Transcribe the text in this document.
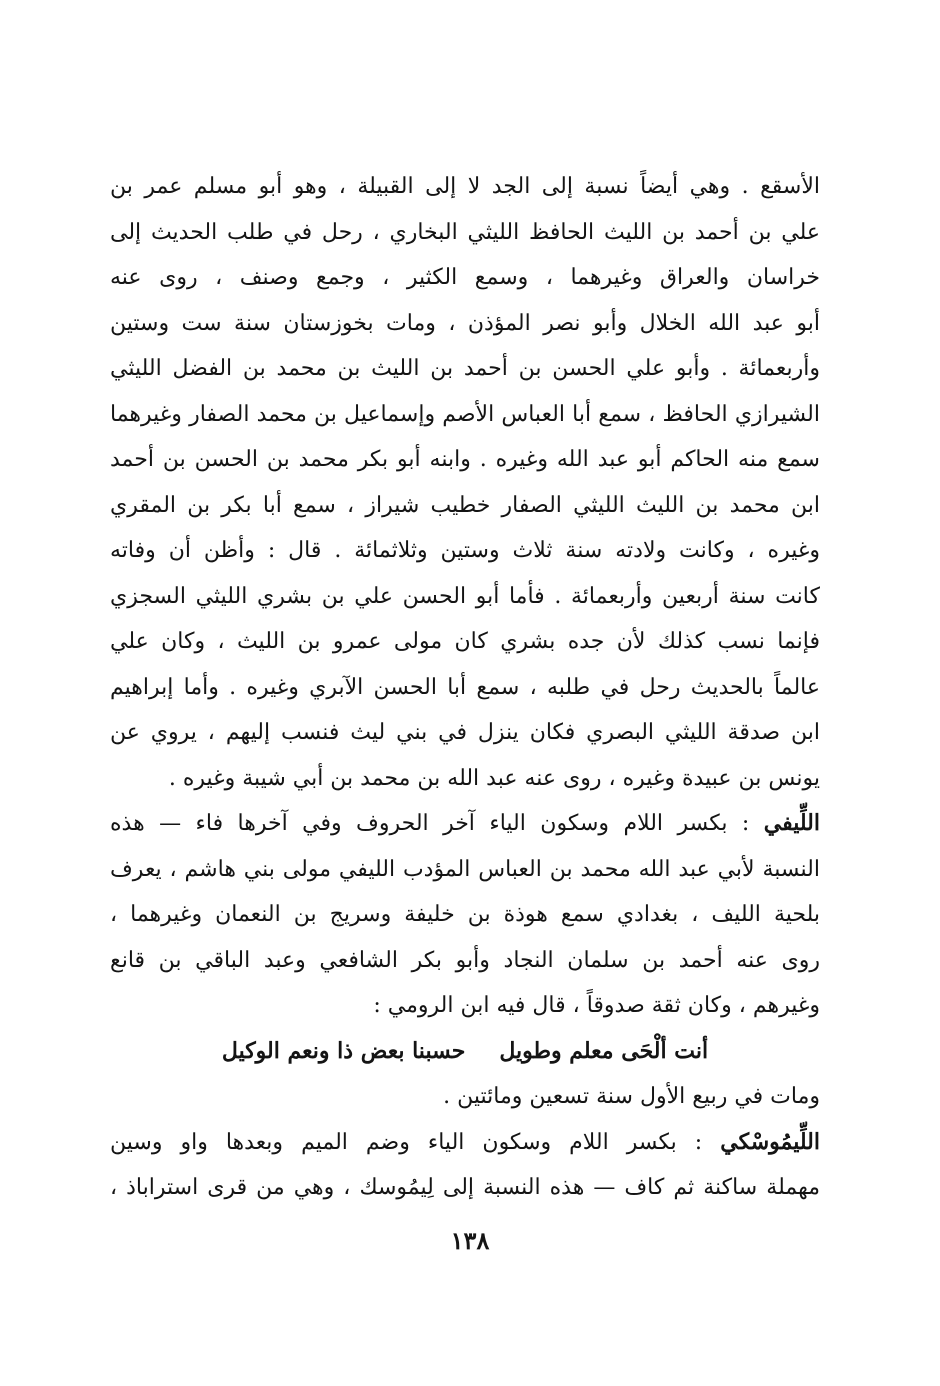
الأسقع . وهي أيضاً نسبة إلى الجد لا إلى القبيلة ، وهو أبو مسلم عمر بن
علي بن أحمد بن الليث الحافظ الليثي البخاري ، رحل في طلب الحديث إلى
خراسان والعراق وغيرهما ، وسمع الكثير ، وجمع وصنف ، روى عنه
أبو عبد الله الخلال وأبو نصر المؤذن ، ومات بخوزستان سنة ست وستين
وأربعمائة . وأبو علي الحسن بن أحمد بن الليث بن محمد بن الفضل الليثي
الشيرازي الحافظ ، سمع أبا العباس الأصم وإسماعيل بن محمد الصفار وغيرهما
سمع منه الحاكم أبو عبد الله وغيره . وابنه أبو بكر محمد بن الحسن بن أحمد
ابن محمد بن الليث الليثي الصفار خطيب شيراز ، سمع أبا بكر بن المقري
وغيره ، وكانت ولادته سنة ثلاث وستين وثلاثمائة . قال : وأظن أن وفاته
كانت سنة أربعين وأربعمائة . فأما أبو الحسن علي بن بشري الليثي السجزي
فإنما نسب كذلك لأن جده بشري كان مولى عمرو بن الليث ، وكان علي
عالماً بالحديث رحل في طلبه ، سمع أبا الحسن الآبري وغيره . وأما إبراهيم
ابن صدقة الليثي البصري فكان ينزل في بني ليث فنسب إليهم ، يروي عن
يونس بن عبيدة وغيره ، روى عنه عبد الله بن محمد بن أبي شيبة وغيره .
اللِّيفي : بكسر اللام وسكون الياء آخر الحروف وفي آخرها فاء — هذه
النسبة لأبي عبد الله محمد بن العباس المؤدب الليفي مولى بني هاشم ، يعرف
بلحية الليف ، بغدادي سمع هوذة بن خليفة وسريج بن النعمان وغيرهما ،
روى عنه أحمد بن سلمان النجاد وأبو بكر الشافعي وعبد الباقي بن قانع
وغيرهم ، وكان ثقة صدوقاً ، قال فيه ابن الرومي :
أنت ألْحَى معلم وطويل
حسبنا بعض ذا ونعم الوكيل
ومات في ربيع الأول سنة تسعين ومائتين .
اللِّيمُوسْكي : بكسر اللام وسكون الياء وضم الميم وبعدها واو وسين
مهملة ساكنة ثم كاف — هذه النسبة إلى لِيمُوسك ، وهي من قرى استراباذ ،
١٣٨
